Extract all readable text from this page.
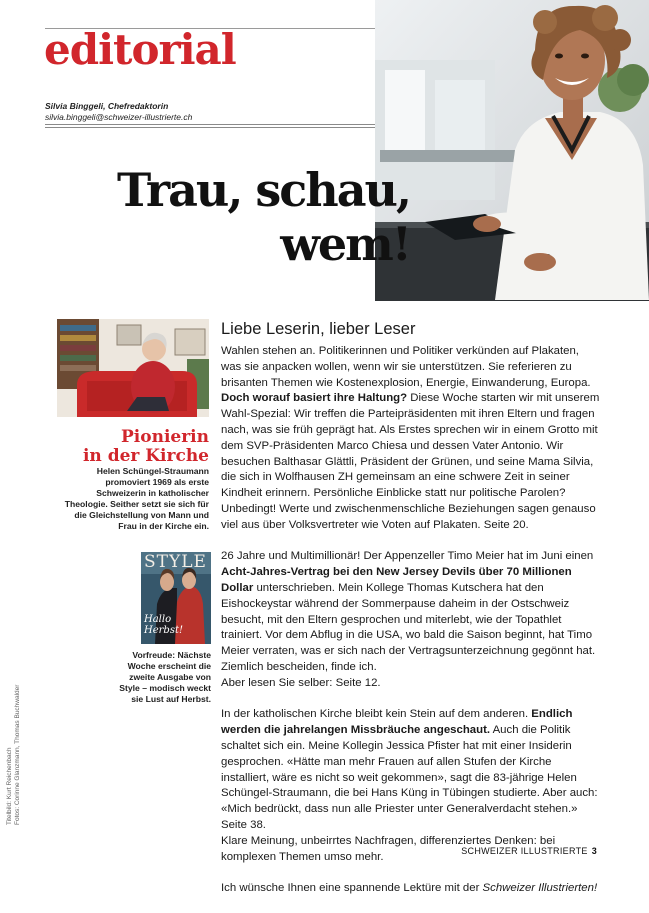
editorial
Silvia Binggeli, Chefredaktorin
silvia.binggeli@schweizer-illustrierte.ch
Trau, schau,
wem!
Pionierin
in der Kirche
Helen Schüngel-Straumann promoviert 1969 als erste Schweizerin in katholischer Theologie. Seither setzt sie sich für die Gleichstellung von Mann und Frau in der Kirche ein.
STYLE
Hallo Herbst!
Vorfreude: Nächste Woche erscheint die zweite Ausgabe von Style – modisch weckt sie Lust auf Herbst.
Titelbild: Kurt Reichenbach Fotos: Corinne Glanzmann, Thomas Buchwalder
Liebe Leserin, lieber Leser

Wahlen stehen an. Politikerinnen und Politiker verkünden auf Plakaten, was sie anpacken wollen, wenn wir sie unterstützen. Sie referieren zu brisanten Themen wie Kostenexplosion, Energie, Einwanderung, Europa. Doch worauf basiert ihre Haltung? Diese Woche starten wir mit unserem Wahl-Spezial: Wir treffen die Parteipräsidenten mit ihren Eltern und fragen nach, was sie früh geprägt hat. Als Erstes sprechen wir in einem Grotto mit dem SVP-Präsidenten Marco Chiesa und dessen Vater Antonio. Wir besuchen Balthasar Glättli, Präsident der Grünen, und seine Mama Silvia, die sich in Wolfhausen ZH gemeinsam an eine schwere Zeit in seiner Kindheit erinnern. Persönliche Einblicke statt nur politische Parolen? Unbedingt! Werte und zwischenmenschliche Beziehungen sagen genauso viel aus über Volksvertreter wie Voten auf Plakaten. Seite 20.

26 Jahre und Multimillionär! Der Appenzeller Timo Meier hat im Juni einen Acht-Jahres-Vertrag bei den New Jersey Devils über 70 Millionen Dollar unterschrieben. Mein Kollege Thomas Kutschera hat den Eishockeystar während der Sommerpause daheim in der Ostschweiz besucht, mit den Eltern gesprochen und miterlebt, wie der Topathlet trainiert. Vor dem Abflug in die USA, wo bald die Saison beginnt, hat Timo Meier verraten, was er sich nach der Vertragsunterzeichnung gegönnt hat. Ziemlich bescheiden, finde ich.
Aber lesen Sie selber: Seite 12.

In der katholischen Kirche bleibt kein Stein auf dem anderen. Endlich werden die jahrelangen Missbräuche angeschaut. Auch die Politik schaltet sich ein. Meine Kollegin Jessica Pfister hat mit einer Insiderin gesprochen. «Hätte man mehr Frauen auf allen Stufen der Kirche installiert, wäre es nicht so weit gekommen», sagt die 83-jährige Helen Schüngel-Straumann, die bei Hans Küng in Tübingen studierte. Aber auch: «Mich bedrückt, dass nun alle Priester unter Generalverdacht stehen.» Seite 38.
Klare Meinung, unbeirrtes Nachfragen, differenziertes Denken: bei komplexen Themen umso mehr.

Ich wünsche Ihnen eine spannende Lektüre mit der Schweizer Illustrierten!

SCHWEIZER ILLUSTRIERTE 3
